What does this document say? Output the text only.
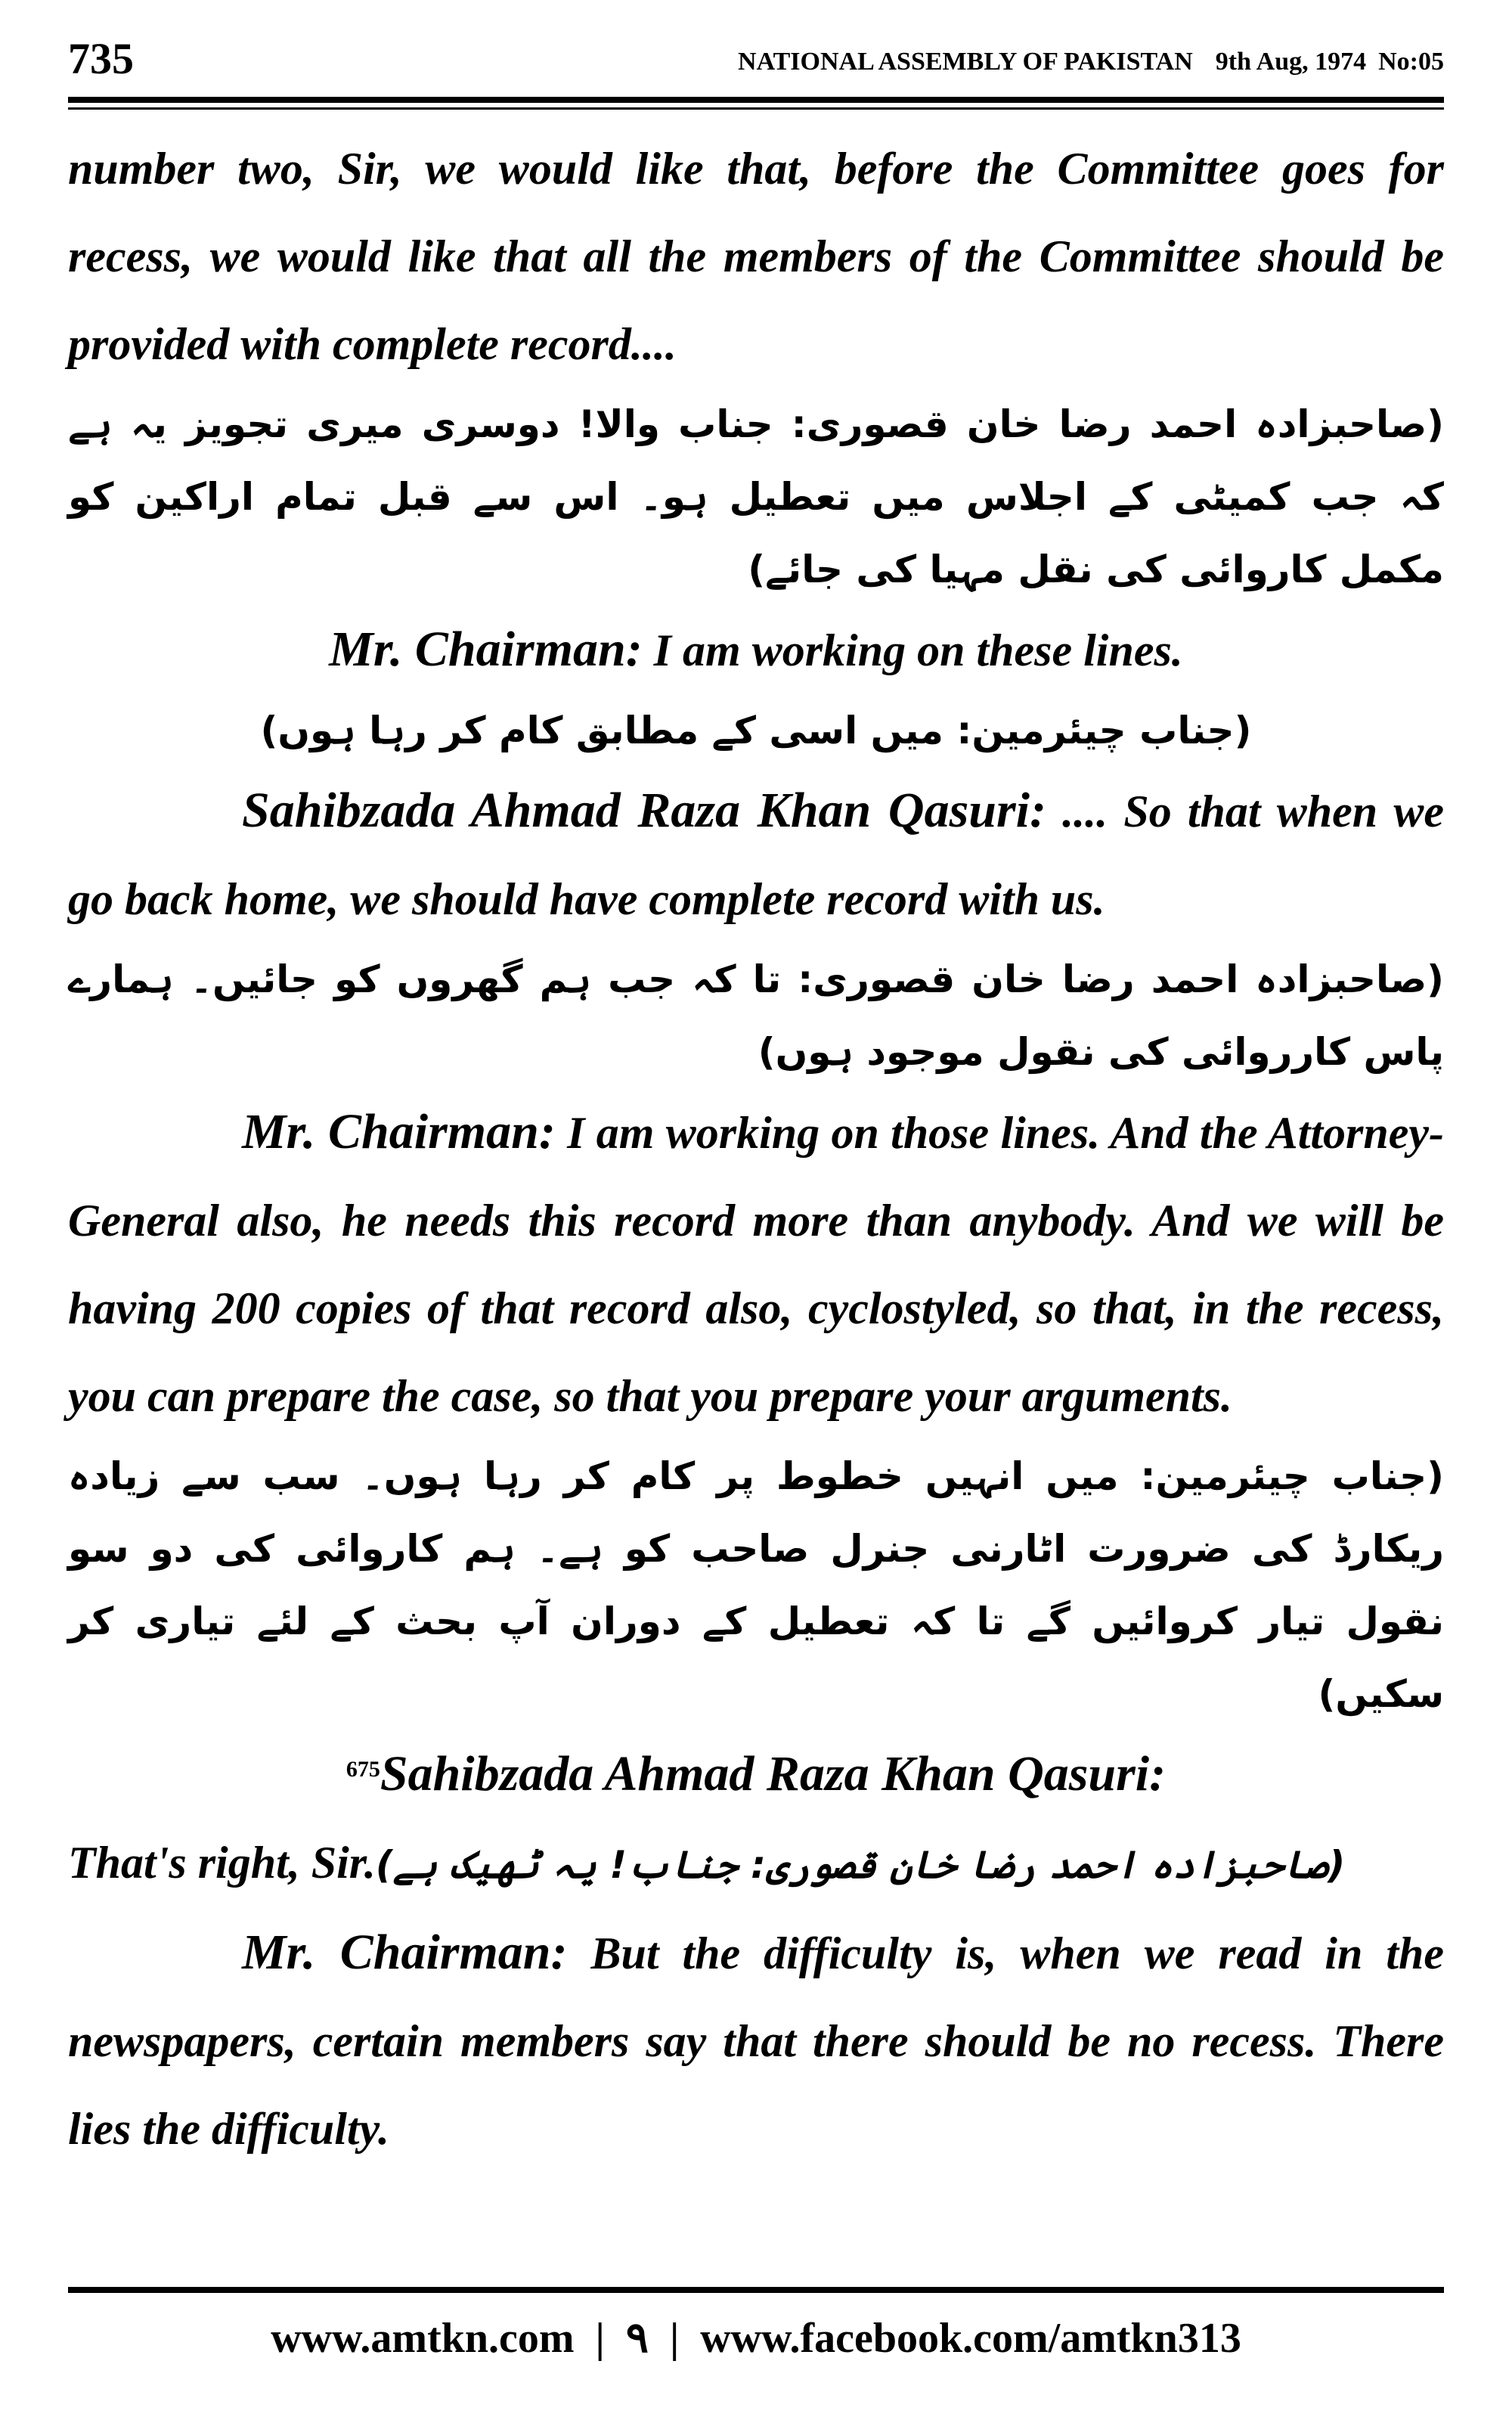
735	NATIONAL ASSEMBLY OF PAKISTAN 9th Aug, 1974 No:05

number two, Sir, we would like that, before the Committee goes for recess, we would like that all the members of the Committee should be provided with complete record....

(صاحبزادہ احمد رضا خان قصوری: جناب والا! دوسری میری تجویز یہ ہے کہ جب کمیٹی کے اجلاس میں تعطیل ہو۔ اس سے قبل تمام اراکین کو مکمل کاروائی کی نقل مہیا کی جائے)

Mr. Chairman: I am working on these lines.

(جناب چیئرمین: میں اسی کے مطابق کام کر رہا ہوں)

Sahibzada Ahmad Raza Khan Qasuri: .... So that when we go back home, we should have complete record with us.

(صاحبزادہ احمد رضا خان قصوری: تا کہ جب ہم گھروں کو جائیں۔ ہمارے پاس کارروائی کی نقول موجود ہوں)

Mr. Chairman: I am working on those lines. And the Attorney- General also, he needs this record more than anybody. And we will be having 200 copies of that record also, cyclostyled, so that, in the recess, you can prepare the case, so that you prepare your arguments.

(جناب چیئرمین: میں انہیں خطوط پر کام کر رہا ہوں۔ سب سے زیادہ ریکارڈ کی ضرورت اٹارنی جنرل صاحب کو ہے۔ ہم کاروائی کی دو سو نقول تیار کروائیں گے تا کہ تعطیل کے دوران آپ بحث کے لئے تیاری کر سکیں)

$^{675}$Sahibzada Ahmad Raza Khan Qasuri:

That's right, Sir.(صاحبزادہ احمد رضا خان قصوری: جناب! یہ ٹھیک ہے)

Mr. Chairman: But the difficulty is, when we read in the newspapers, certain members say that there should be no recess. There lies the difficulty.

www.amtkn.com | ۹ | www.facebook.com/amtkn313
